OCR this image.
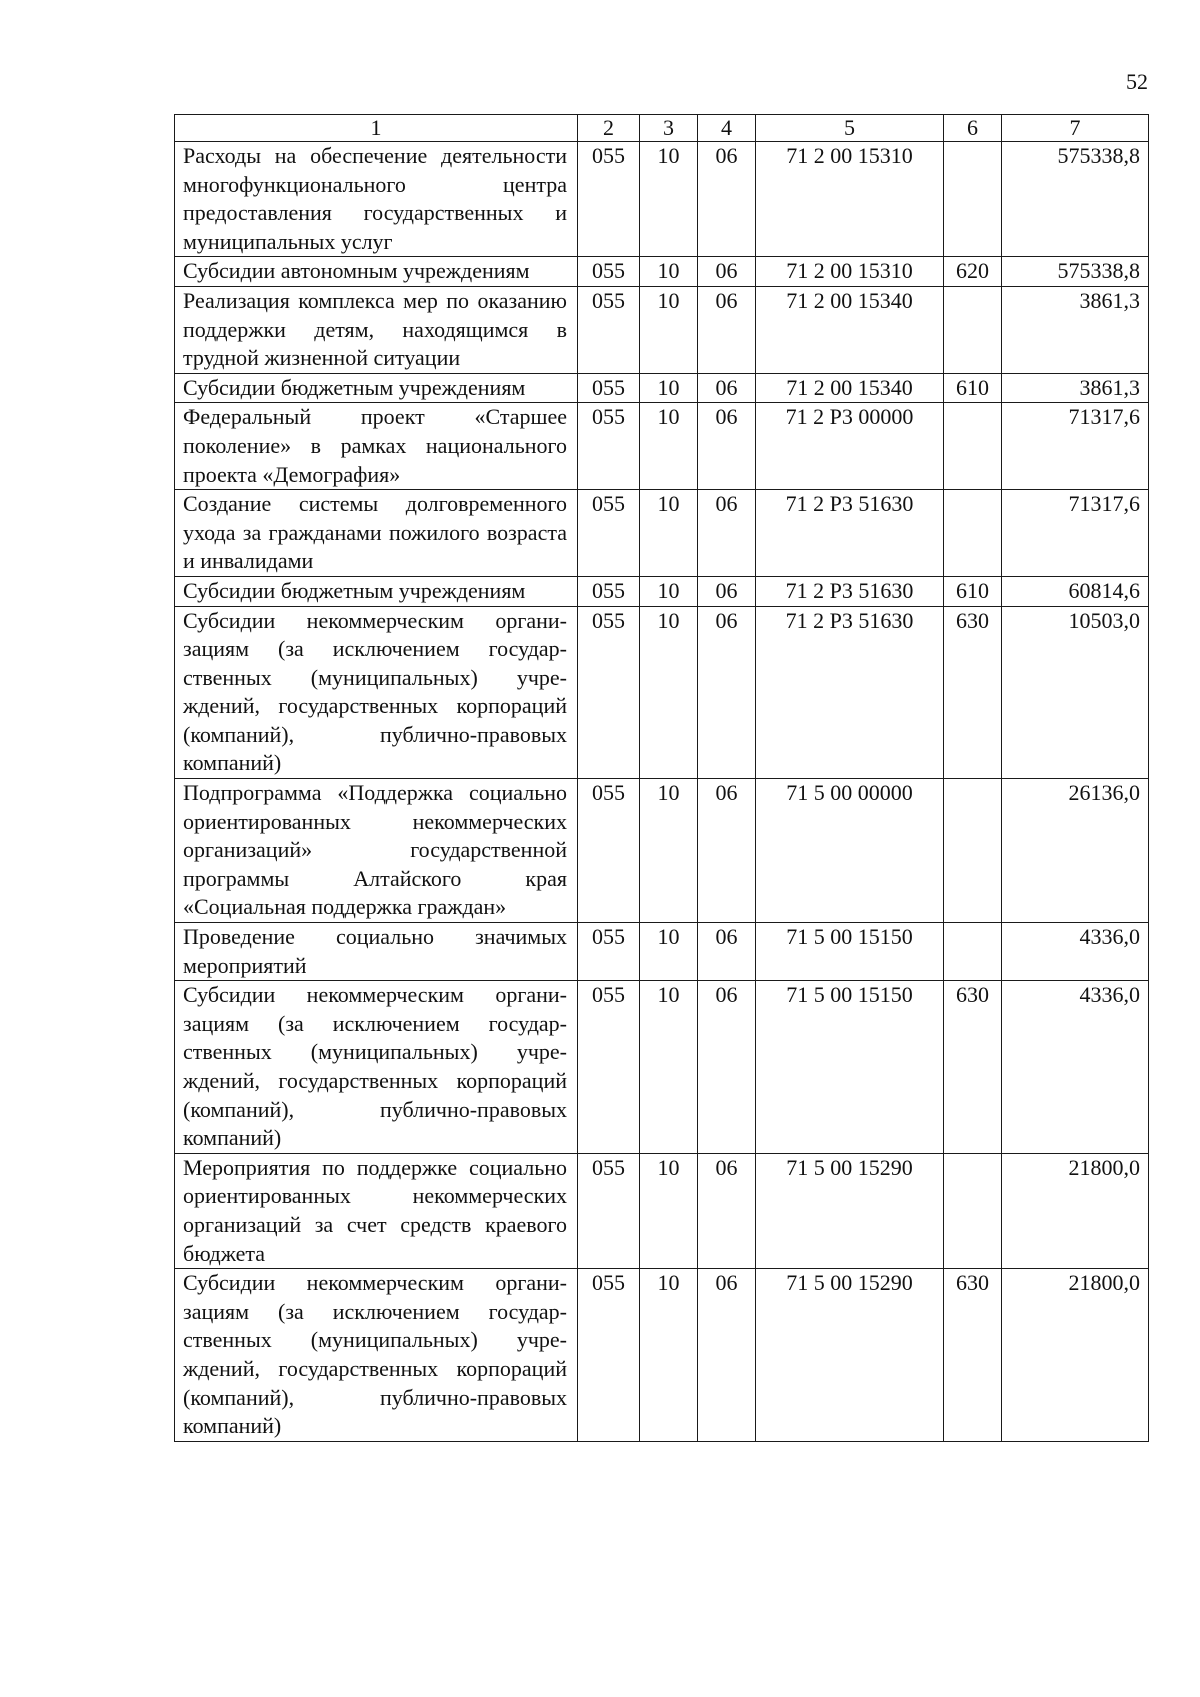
52
1	2	3	4	5	6	7
Расходы на обеспечение деятельности многофункционального центра предоставления государственных и муниципальных услуг	055	10	06	71 2 00 15310		575338,8
Субсидии автономным учреждениям	055	10	06	71 2 00 15310	620	575338,8
Реализация комплекса мер по оказанию поддержки детям, находящимся в трудной жизненной ситуации	055	10	06	71 2 00 15340		3861,3
Субсидии бюджетным учреждениям	055	10	06	71 2 00 15340	610	3861,3
Федеральный проект «Старшее поколение» в рамках национального проекта «Демография»	055	10	06	71 2 P3 00000		71317,6
Создание системы долговременного ухода за гражданами пожилого возраста и инвалидами	055	10	06	71 2 P3 51630		71317,6
Субсидии бюджетным учреждениям	055	10	06	71 2 P3 51630	610	60814,6
Субсидии некоммерческим организациям (за исключением государственных (муниципальных) учреждений, государственных корпораций (компаний), публично-правовых компаний)	055	10	06	71 2 P3 51630	630	10503,0
Подпрограмма «Поддержка социально ориентированных некоммерческих организаций» государственной программы Алтайского края «Социальная поддержка граждан»	055	10	06	71 5 00 00000		26136,0
Проведение социально значимых мероприятий	055	10	06	71 5 00 15150		4336,0
Субсидии некоммерческим организациям (за исключением государственных (муниципальных) учреждений, государственных корпораций (компаний), публично-правовых компаний)	055	10	06	71 5 00 15150	630	4336,0
Мероприятия по поддержке социально ориентированных некоммерческих организаций за счет средств краевого бюджета	055	10	06	71 5 00 15290		21800,0
Субсидии некоммерческим организациям (за исключением государственных (муниципальных) учреждений, государственных корпораций (компаний), публично-правовых компаний)	055	10	06	71 5 00 15290	630	21800,0
